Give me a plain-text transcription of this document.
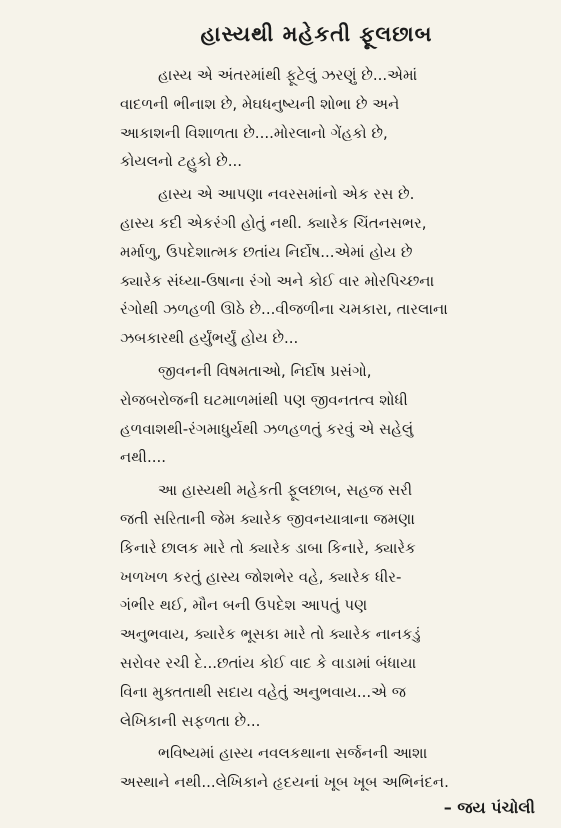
હાસ્યથી મહેકતી ફૂલછાબ
હાસ્ય એ અંતરમાંથી ફૂટેલું ઝરણું છે...એમાં
વાદળની ભીનાશ છે, મેઘધનુષ્યની શોભા છે અને
આકાશની વિશાળતા છે....મોરલાનો ગેંહકો છે,
કોયલનો ટહુકો છે...
હાસ્ય એ આપણા નવરસમાંનો એક રસ છે.
હાસ્ય કદી એકરંગી હોતું નથી. ક્યારેક ચિંતનસભર,
મર્માળુ, ઉપદેશાત્મક છતાંય નિર્દોષ...એમાં હોય છે
ક્યારેક સંધ્યા-ઉષાના રંગો અને કોઈ વાર મોરપિચ્છના
રંગોથી ઝળહળી ઊઠે છે...વીજળીના ચમકારા, તારલાના
ઝબકારથી હર્યુંભર્યું હોય છે...
જીવનની વિષમતાઓ, નિર્દોષ પ્રસંગો,
રોજબરોજની ઘટમાળમાંથી પણ જીવનતત્વ શોધી
હળવાશથી-રંગમાધુર્યથી ઝળહળતું કરવું એ સહેલું
નથી....
આ હાસ્યથી મહેકતી ફૂલછાબ, સહજ સરી
જતી સરિતાની જેમ ક્યારેક જીવનયાત્રાના જમણા
કિનારે છાલક મારે તો ક્યારેક ડાબા કિનારે, ક્યારેક
ખળખળ કરતું હાસ્ય જોશભેર વહે, ક્યારેક ધીર-
ગંભીર થઈ, મૌન બની ઉપદેશ આપતું પણ
અનુભવાય, ક્યારેક ભૂસકા મારે તો ક્યારેક નાનકડું
સરોવર રચી દે...છતાંય કોઈ વાદ કે વાડામાં બંધાયા
વિના મુક્તતાથી સદાય વહેતું અનુભવાય...એ જ
લેખિકાની સફળતા છે...
ભવિષ્યમાં હાસ્ય નવલકથાના સર્જનની આશા
અસ્થાને નથી...લેખિકાને હૃદયનાં ખૂબ ખૂબ અભિનંદન.
– જય પંચોલી
